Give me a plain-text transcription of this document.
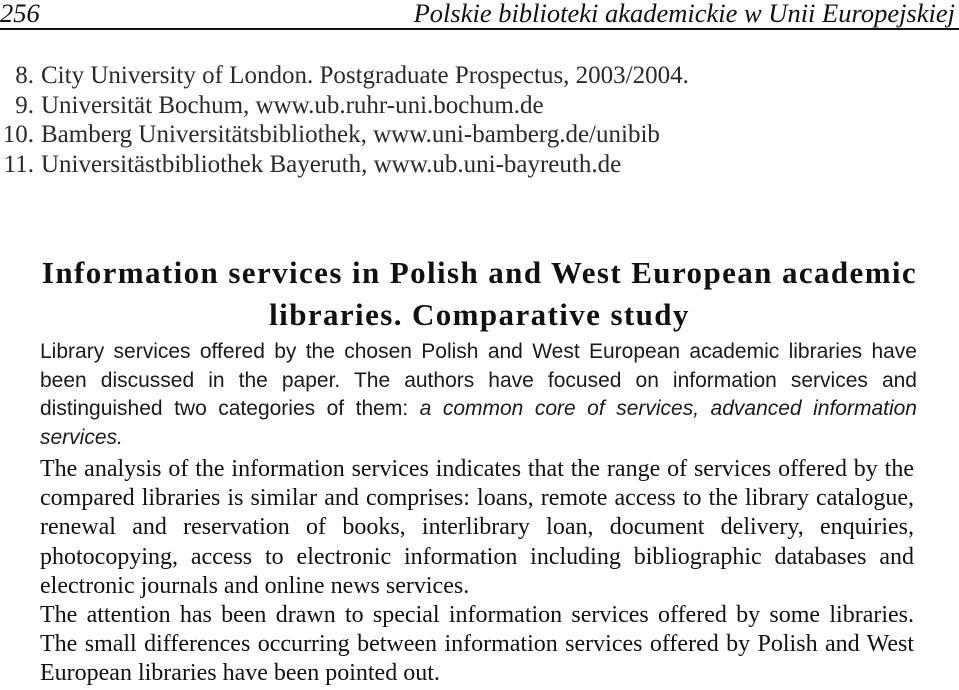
256	Polskie biblioteki akademickie w Unii Europejskiej
8. City University of London. Postgraduate Prospectus, 2003/2004.
9. Universität Bochum, www.ub.ruhr-uni.bochum.de
10. Bamberg Universitätsbibliothek, www.uni-bamberg.de/unibib
11. Universitästbibliothek Bayeruth, www.ub.uni-bayreuth.de
Information services in Polish and West European academic
libraries. Comparative study
Library services offered by the chosen Polish and West European academic libraries have
been discussed in the paper. The authors have focused on information services and
distinguished two categories of them: a common core of services, advanced information
services.
The analysis of the information services indicates that the range of services offered by the
compared libraries is similar and comprises: loans, remote access to the library catalogue,
renewal and reservation of books, interlibrary loan, document delivery, enquiries,
photocopying, access to electronic information including bibliographic databases and
electronic journals and online news services.
The attention has been drawn to special information services offered by some libraries.
The small differences occurring between information services offered by Polish and West
European libraries have been pointed out.
